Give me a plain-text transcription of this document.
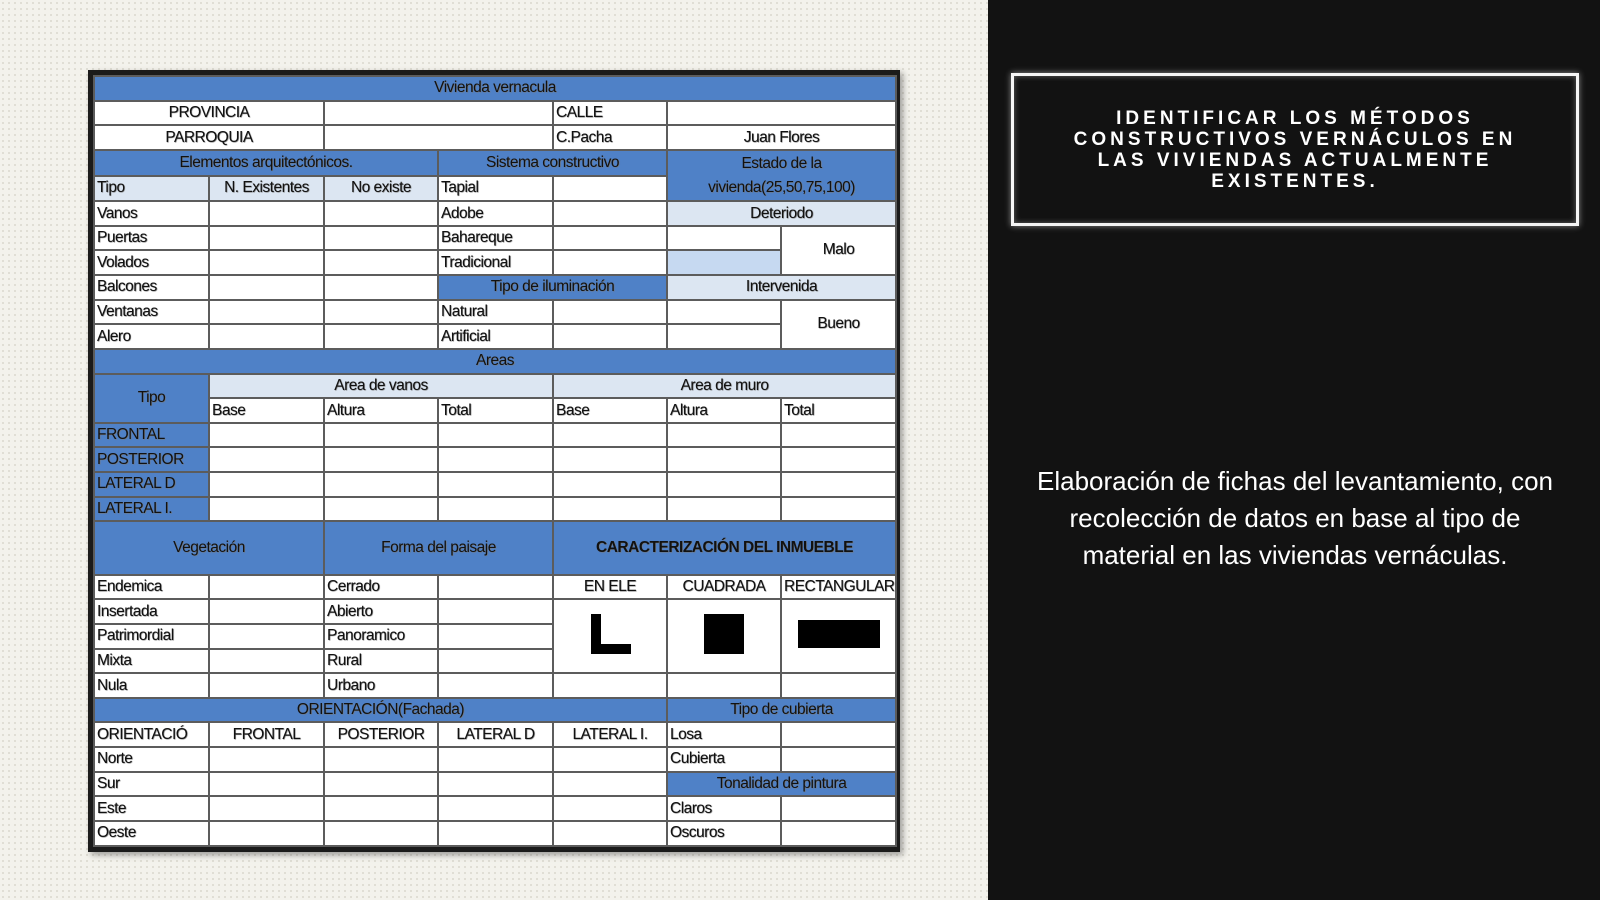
Vivienda vernacula						
PROVINCIA				CALLE		
PARROQUIA				C.Pacha	Juan Flores	
Elementos arquitectónicos.			Sistema constructivo		Estado de la vivienda(25,50,75,100)	
Tipo	N. Existentes	No existe	Tapial			
Vanos			Adobe		Deteriodo	
Puertas			Bahareque			Malo
Volados			Tradicional			
Balcones			Tipo de iluminación		Intervenida	
Ventanas			Natural			Bueno
Alero			Artificial			
Areas						
Tipo	Area de vanos			Area de muro		
	Base	Altura	Total	Base	Altura	Total
FRONTAL						
POSTERIOR						
LATERAL D						
LATERAL I.						
Vegetación		Forma del paisaje		CARACTERIZACIÓN DEL INMUEBLE		
Endemica		Cerrado		EN ELE	CUADRADA	RECTANGULAR
Insertada		Abierto				
Patrimordial		Panoramico				
Mixta		Rural				
Nula		Urbano				
ORIENTACIÓN(Fachada)					Tipo de cubierta	
ORIENTACIÓ	FRONTAL	POSTERIOR	LATERAL D	LATERAL I.	Losa	
Norte					Cubierta	
Sur					Tonalidad de pintura	
Este					Claros	
Oeste					Oscuros	
IDENTIFICAR LOS MÉTODOS CONSTRUCTIVOS VERNÁCULOS EN LAS VIVIENDAS ACTUALMENTE EXISTENTES.
Elaboración de fichas del levantamiento, con recolección de datos en base al tipo de material en las viviendas vernáculas.
